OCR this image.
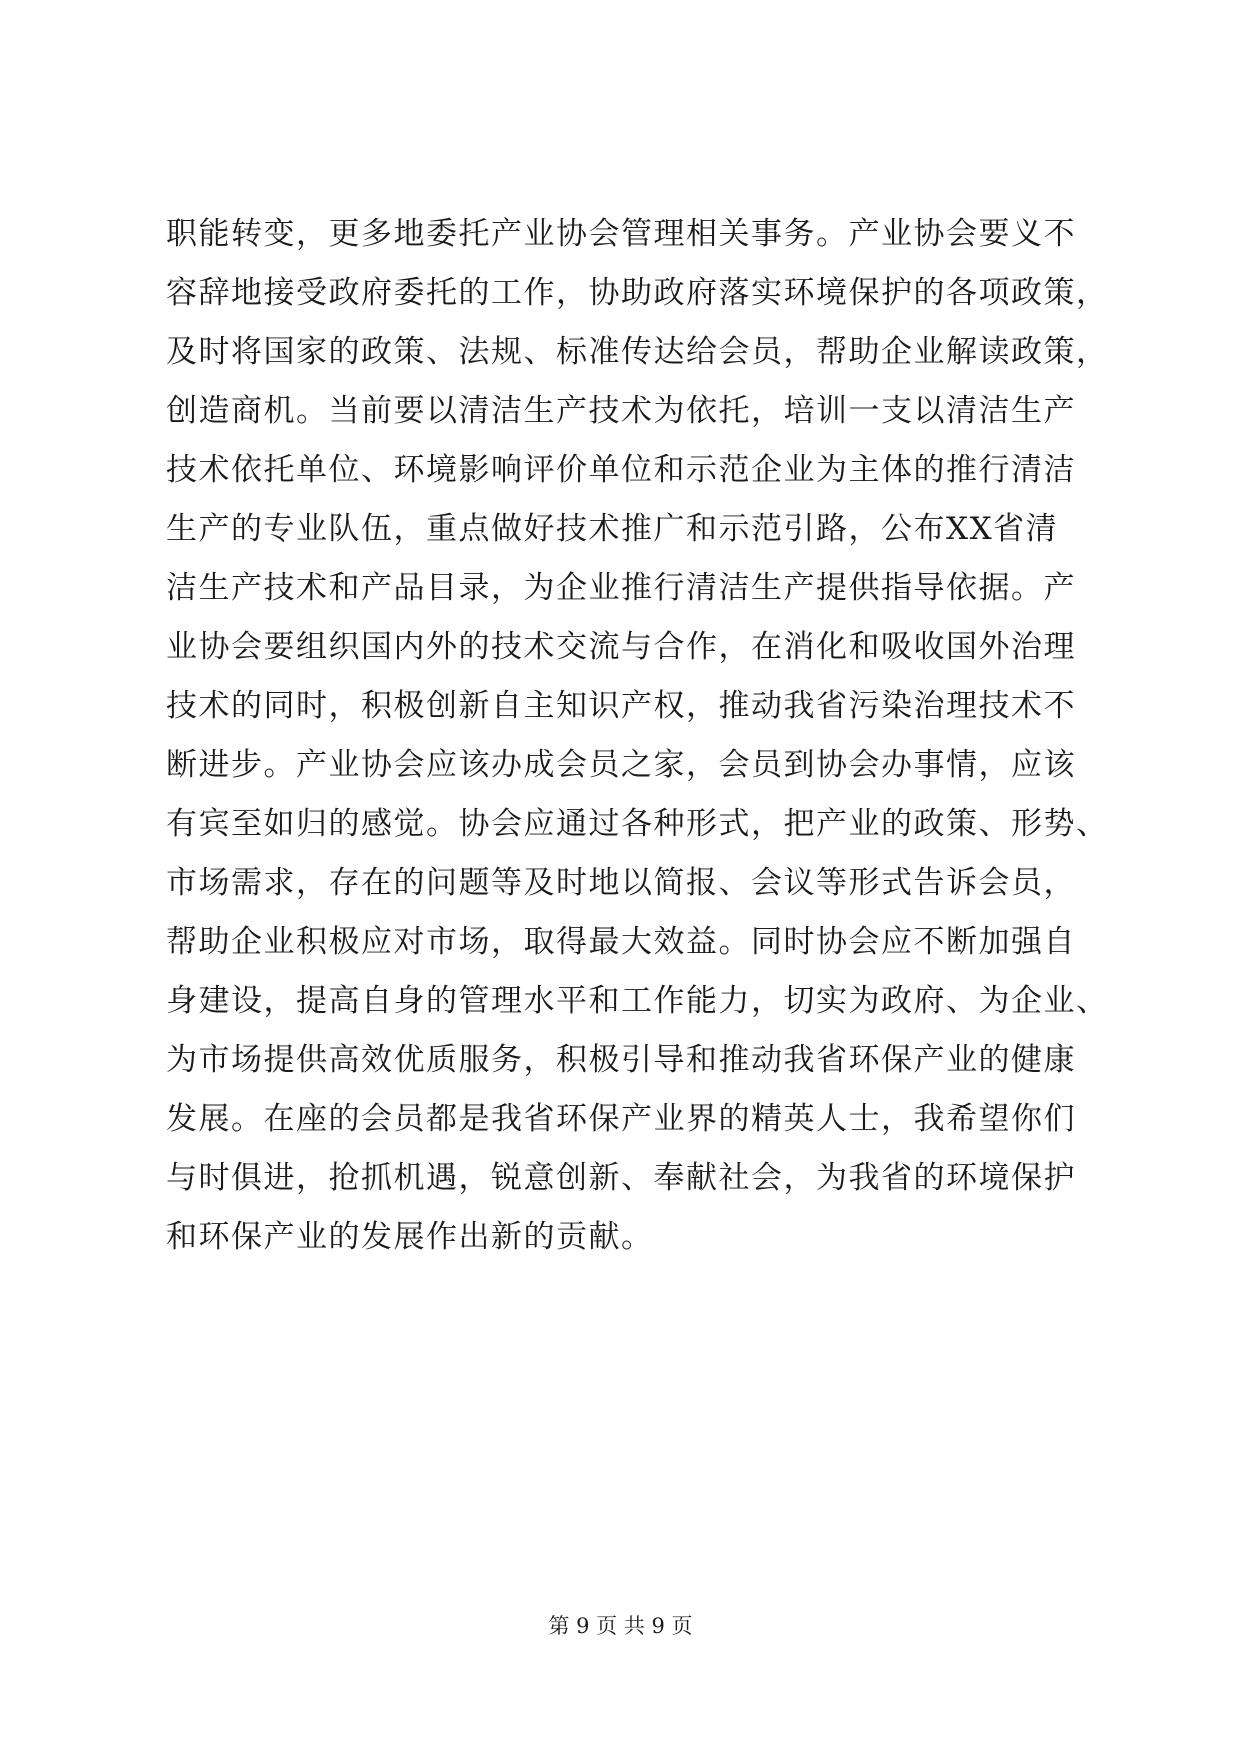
职能转变，更多地委托产业协会管理相关事务。产业协会要义不
容辞地接受政府委托的工作，协助政府落实环境保护的各项政策，
及时将国家的政策、法规、标准传达给会员，帮助企业解读政策，
创造商机。当前要以清洁生产技术为依托，培训一支以清洁生产
技术依托单位、环境影响评价单位和示范企业为主体的推行清洁
生产的专业队伍，重点做好技术推广和示范引路，公布XX省清
洁生产技术和产品目录，为企业推行清洁生产提供指导依据。产
业协会要组织国内外的技术交流与合作，在消化和吸收国外治理
技术的同时，积极创新自主知识产权，推动我省污染治理技术不
断进步。产业协会应该办成会员之家，会员到协会办事情，应该
有宾至如归的感觉。协会应通过各种形式，把产业的政策、形势、
市场需求，存在的问题等及时地以简报、会议等形式告诉会员，
帮助企业积极应对市场，取得最大效益。同时协会应不断加强自
身建设，提高自身的管理水平和工作能力，切实为政府、为企业、
为市场提供高效优质服务，积极引导和推动我省环保产业的健康
发展。在座的会员都是我省环保产业界的精英人士，我希望你们
与时俱进，抢抓机遇，锐意创新、奉献社会，为我省的环境保护
和环保产业的发展作出新的贡献。
第 9 页 共 9 页
